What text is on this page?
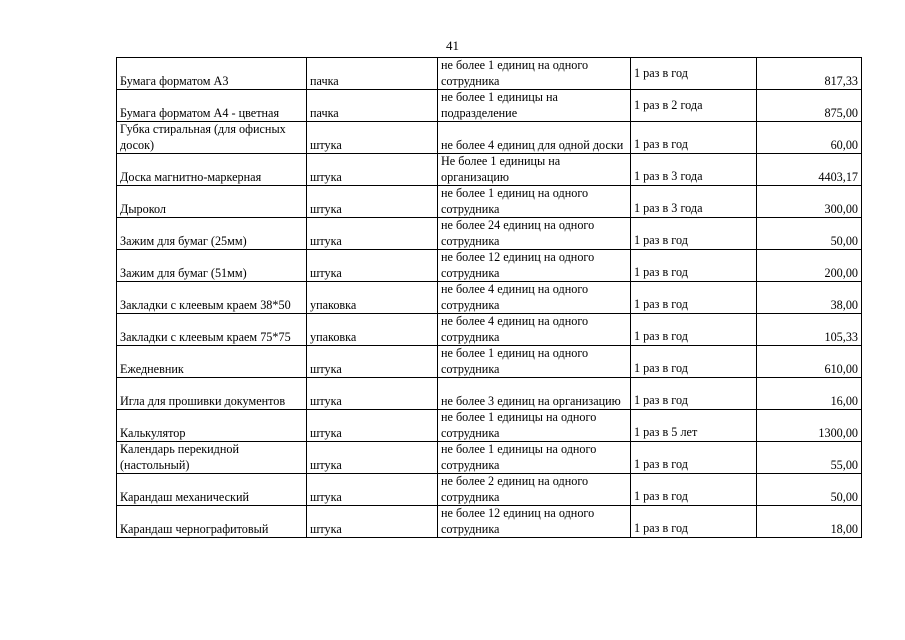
41
Бумага форматом А3	пачка	не более 1 единиц на одного сотрудника	1 раз в год	817,33
Бумага форматом А4 - цветная	пачка	не более 1 единицы на подразделение	1 раз в 2 года	875,00
Губка стиральная (для офисных досок)	штука	не более 4 единиц для одной доски	1 раз в год	60,00
Доска магнитно-маркерная	штука	Не более 1 единицы на организацию	1 раз в 3 года	4403,17
Дырокол	штука	не более 1 единиц на одного сотрудника	1 раз в 3 года	300,00
Зажим для бумаг (25мм)	штука	не более 24 единиц на одного сотрудника	1 раз в год	50,00
Зажим для бумаг (51мм)	штука	не более 12 единиц на одного сотрудника	1 раз в год	200,00
Закладки с клеевым краем 38*50	упаковка	не более 4 единиц на одного сотрудника	1 раз в год	38,00
Закладки с клеевым краем 75*75	упаковка	не более 4 единиц на одного сотрудника	1 раз в год	105,33
Ежедневник	штука	не более 1 единиц на одного сотрудника	1 раз в год	610,00
Игла для прошивки документов	штука	не более 3 единиц на организацию	1 раз в год	16,00
Калькулятор	штука	не более 1 единицы на одного сотрудника	1 раз в 5 лет	1300,00
Календарь перекидной (настольный)	штука	не более 1 единицы на одного сотрудника	1 раз в год	55,00
Карандаш механический	штука	не более 2 единиц на одного сотрудника	1 раз в год	50,00
Карандаш чернографитовый	штука	не более 12 единиц на одного сотрудника	1 раз в год	18,00
